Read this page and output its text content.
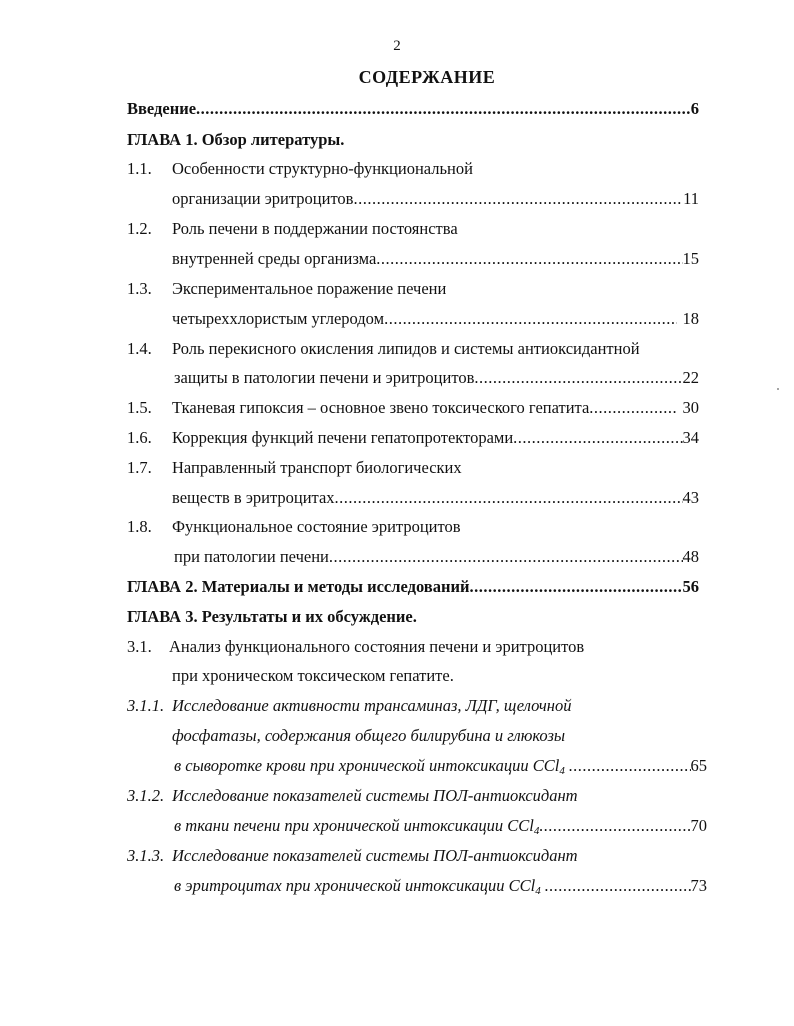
2
СОДЕРЖАНИЕ
Введение .....	6
ГЛАВА 1. Обзор литературы.
1.1.	Особенности структурно-функциональной
организации эритроцитов .....	11
1.2.	Роль печени в поддержании постоянства
внутренней среды организма .....	15
1.3.	Экспериментальное поражение печени
четыреххлористым углеродом .....	18
1.4.	Роль перекисного окисления липидов и системы антиоксидантной
защиты в патологии печени и эритроцитов .....	22
1.5.	Тканевая гипоксия – основное звено токсического гепатита .....	30
1.6.	Коррекция функций печени гепатопротекторами .....	34
1.7.	Направленный транспорт биологических
веществ в эритроцитах .....	43
1.8.	Функциональное состояние эритроцитов
при патологии печени .....	48
ГЛАВА 2. Материалы и методы исследований .....	56
ГЛАВА 3. Результаты и их обсуждение.
3.1.	Анализ функционального состояния печени и эритроцитов
при хроническом токсическом гепатите.
3.1.1. Исследование активности трансаминаз, ЛДГ, щелочной
фосфатазы, содержания общего билирубина и глюкозы
в сыворотке крови при хронической интоксикации CCl$_4$ .....	65
3.1.2. Исследование показателей системы ПОЛ-антиоксидант
в ткани печени при хронической интоксикации CCl$_4$ .....	70
3.1.3. Исследование показателей системы ПОЛ-антиоксидант
в эритроцитах при хронической интоксикации CCl$_4$ .....	73
